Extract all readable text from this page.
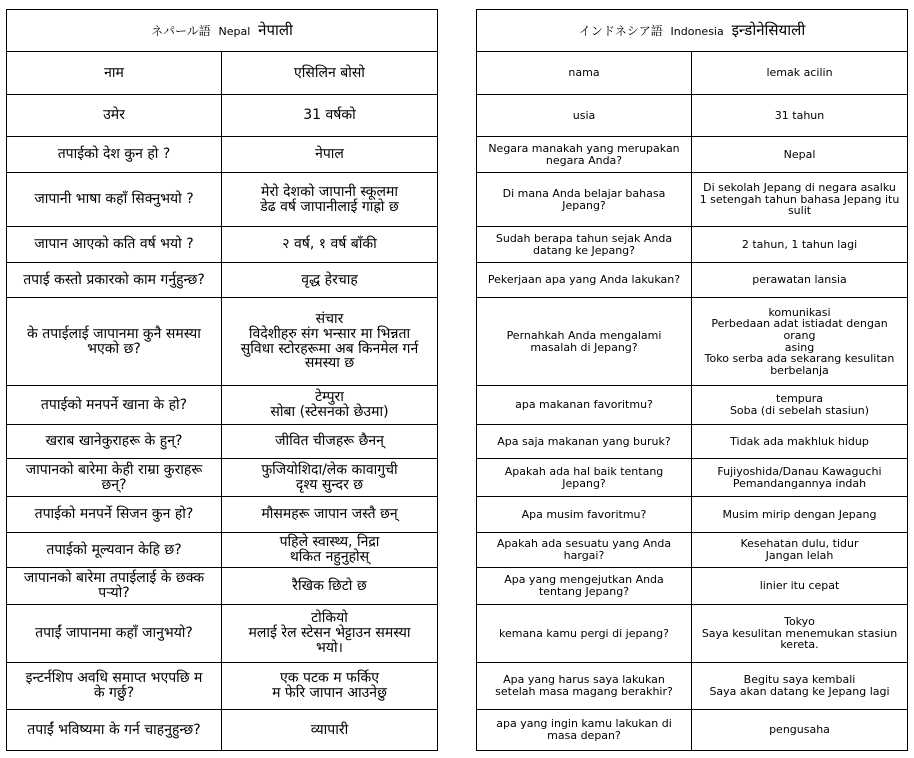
ネパール語 Nepal नेपाली	

नाम	एसिलिन बोसो

उमेर	31 वर्षको

तपाईको देश कुन हो ?	नेपाल

जापानी भाषा कहाँ सिक्नुभयो ?	मेरो देशको जापानी स्कूलमा
डेढ वर्ष जापानीलाई गाह्रो छ

जापान आएको कति वर्ष भयो ?	२ वर्ष, १ वर्ष बाँकी

तपाई कस्तो प्रकारको काम गर्नुहुन्छ?	वृद्ध हेरचाह

के तपाईलाई जापानमा कुनै समस्या
भएको छ?	संचार
विदेशीहरु संग भन्सार मा भिन्नता
सुविधा स्टोरहरूमा अब किनमेल गर्न
समस्या छ

तपाईको मनपर्ने खाना के हो?	टेम्पुरा
सोबा (स्टेसनको छेउमा)

खराब खानेकुराहरू के हुन्?	जीवित चीजहरू छैनन्

जापानको बारेमा केही राम्रा कुराहरू
छन्?	फुजियोशिदा/लेक कावागुची
दृश्य सुन्दर छ

तपाईको मनपर्ने सिजन कुन हो?	मौसमहरू जापान जस्तै छन्

तपाईको मूल्यवान केहि छ?	पहिले स्वास्थ्य, निद्रा
थकित नहुनुहोस्

जापानको बारेमा तपाईलाई के छक्क
पर्‍यो?	रैखिक छिटो छ

तपाईं जापानमा कहाँ जानुभयो?	टोकियो
मलाई रेल स्टेसन भेट्टाउन समस्या
भयो।

इन्टर्नशिप अवधि समाप्त भएपछि म
के गर्छु?	एक पटक म फर्किए
म फेरि जापान आउनेछु

तपाईं भविष्यमा के गर्न चाहनुहुन्छ?	व्यापारी
インドネシア語 Indonesia इन्डोनेसियाली	

nama	lemak acilin

usia	31 tahun

Negara manakah yang merupakan
negara Anda?	Nepal

Di mana Anda belajar bahasa
Jepang?	Di sekolah Jepang di negara asalku
1 setengah tahun bahasa Jepang itu
sulit

Sudah berapa tahun sejak Anda
datang ke Jepang?	2 tahun, 1 tahun lagi

Pekerjaan apa yang Anda lakukan?	perawatan lansia

Pernahkah Anda mengalami
masalah di Jepang?	komunikasi
Perbedaan adat istiadat dengan orang
asing
Toko serba ada sekarang kesulitan
berbelanja

apa makanan favoritmu?	tempura
Soba (di sebelah stasiun)

Apa saja makanan yang buruk?	Tidak ada makhluk hidup

Apakah ada hal baik tentang
Jepang?	Fujiyoshida/Danau Kawaguchi
Pemandangannya indah

Apa musim favoritmu?	Musim mirip dengan Jepang

Apakah ada sesuatu yang Anda
hargai?	Kesehatan dulu, tidur
Jangan lelah

Apa yang mengejutkan Anda
tentang Jepang?	linier itu cepat

kemana kamu pergi di jepang?	Tokyo
Saya kesulitan menemukan stasiun
kereta.

Apa yang harus saya lakukan
setelah masa magang berakhir?	Begitu saya kembali
Saya akan datang ke Jepang lagi

apa yang ingin kamu lakukan di
masa depan?	pengusaha
